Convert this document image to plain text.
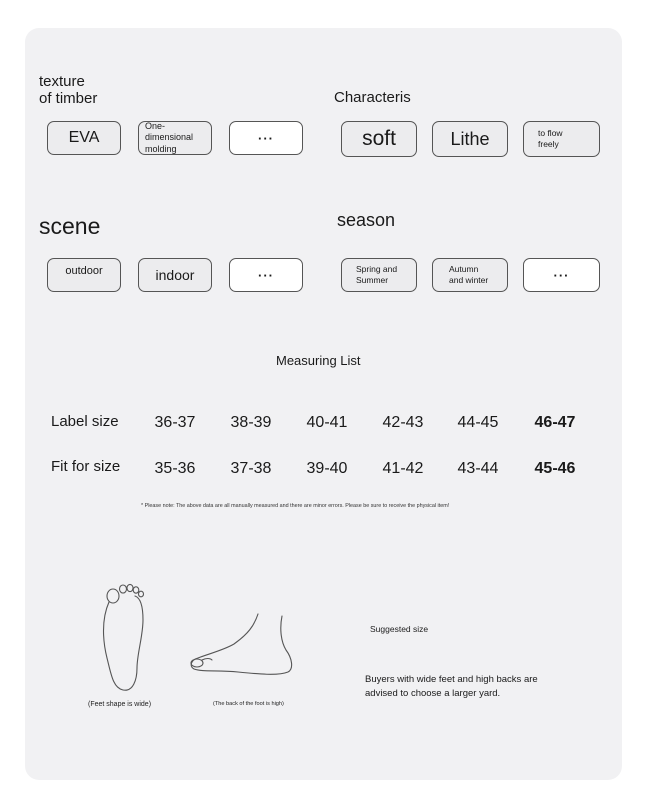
texture
of timber
EVA
One-dimensional
molding
···
Characteris
soft	Lithe	to flow
freely
scene
outdoor	indoor	···
season
Spring and
Summer
Autumn
and winter	···
Measuring List
Label size	36-37	38-39	40-41	42-43	44-45	46-47
Fit for size	35-36	37-38	39-40	41-42	43-44	45-46
* Please note: The above data are all manually measured and there are minor errors. Please be sure to receive the physical item!
(Feet shape is wide)	(The back of the foot is high)
Suggested size
Buyers with wide feet and high backs are advised to choose a larger yard.
